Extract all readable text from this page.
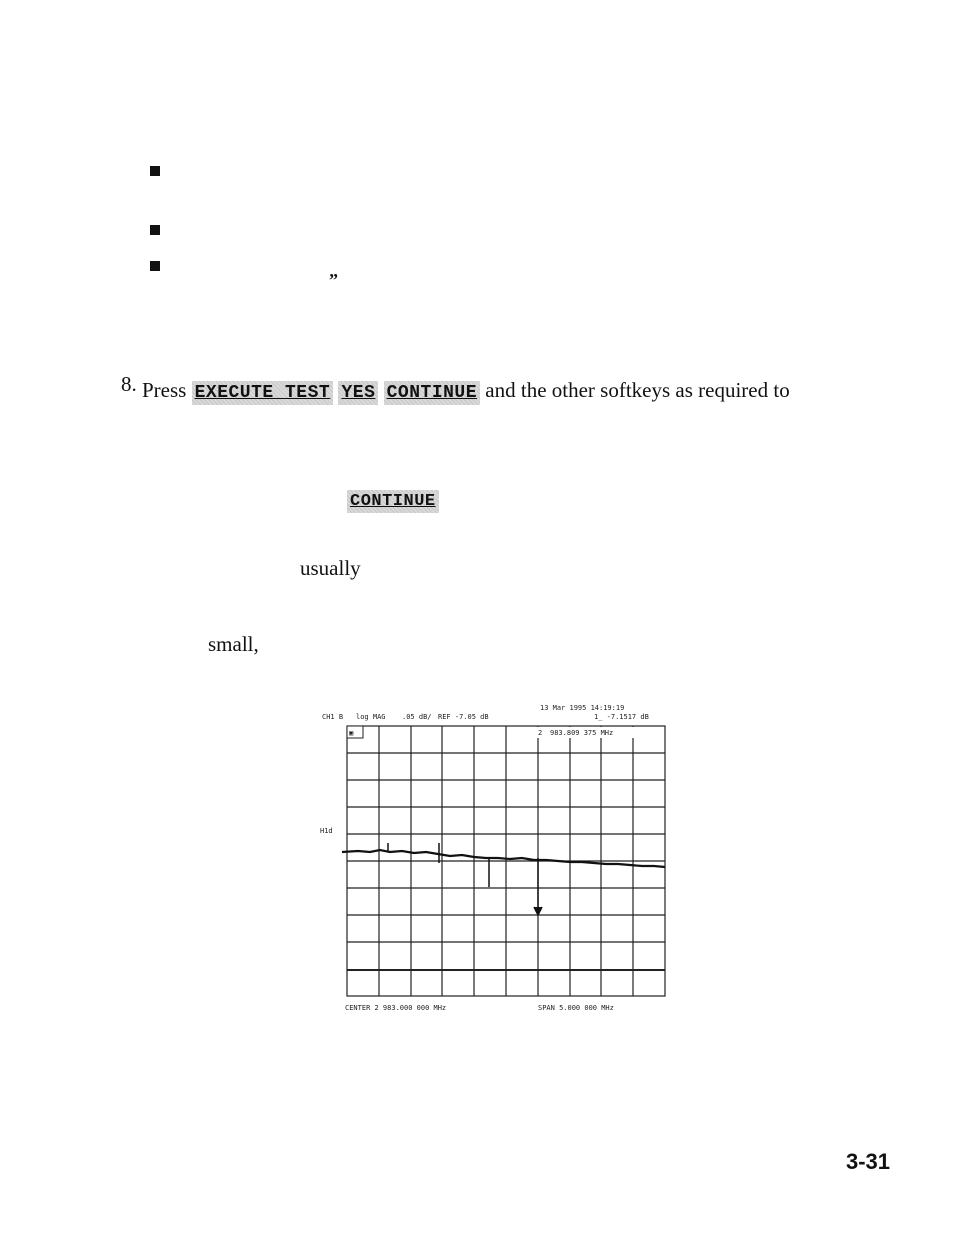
”
8. Press EXECUTE TEST YES CONTINUE and the other softkeys as required to
CONTINUE
usually
small,
13 Mar 1995 14:19:19
CH1 B log MAG .05 dB/ REF -7.05 dB	1_ -7.1517 dB
H1d
▣	2 983.809 375 MHz
CENTER 2 983.000 000 MHz	SPAN 5.000 000 MHz
3-31
